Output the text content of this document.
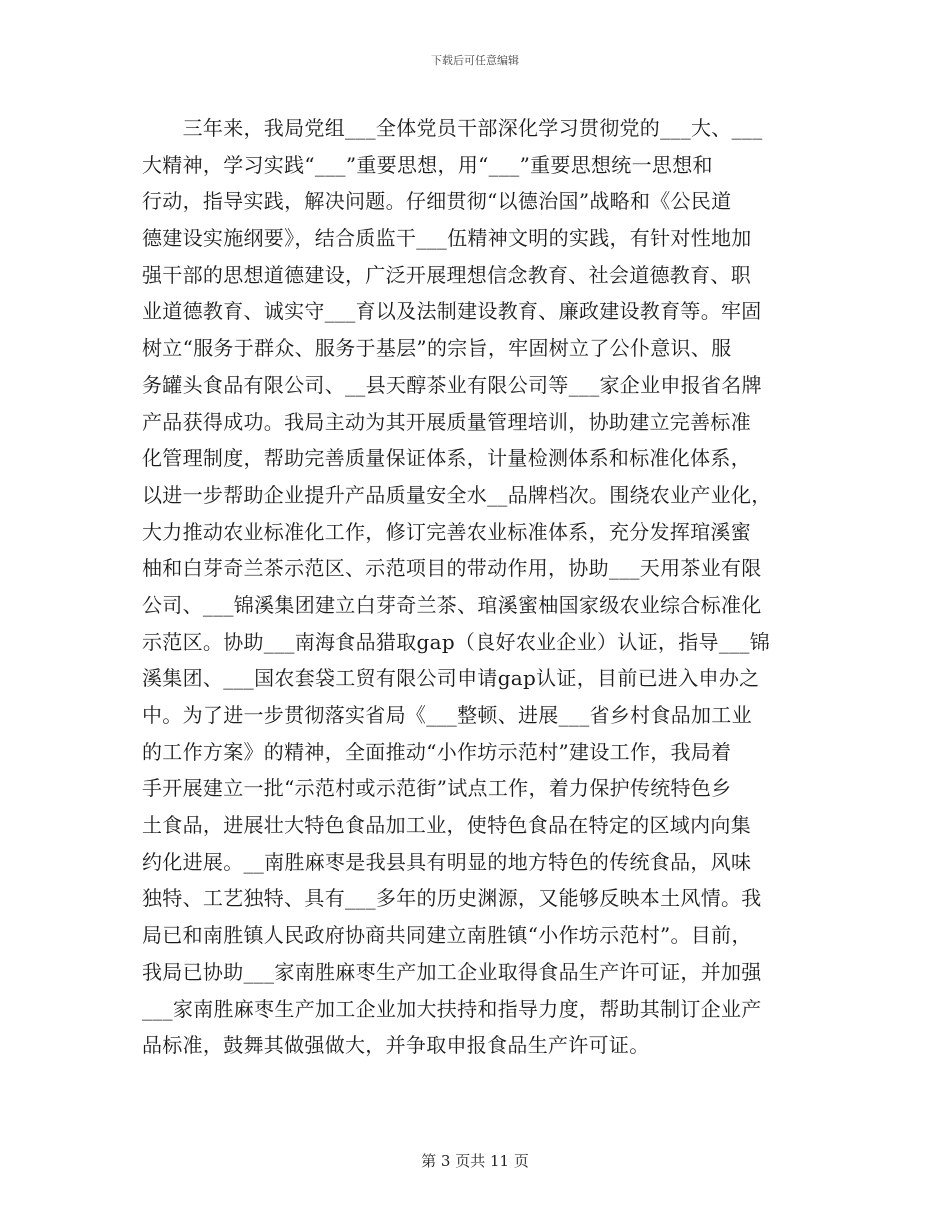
下载后可任意编辑
　　三年来，我局党组___全体党员干部深化学习贯彻党的___大、___
大精神，学习实践“___”重要思想，用“___”重要思想统一思想和
行动，指导实践，解决问题。仔细贯彻“以德治国”战略和《公民道
德建设实施纲要》，结合质监干___伍精神文明的实践，有针对性地加
强干部的思想道德建设，广泛开展理想信念教育、社会道德教育、职
业道德教育、诚实守___育以及法制建设教育、廉政建设教育等。牢固
树立“服务于群众、服务于基层”的宗旨，牢固树立了公仆意识、服
务罐头食品有限公司、__县天醇茶业有限公司等___家企业申报省名牌
产品获得成功。我局主动为其开展质量管理培训，协助建立完善标准
化管理制度，帮助完善质量保证体系，计量检测体系和标准化体系，
以进一步帮助企业提升产品质量安全水__品牌档次。围绕农业产业化，
大力推动农业标准化工作，修订完善农业标准体系，充分发挥琯溪蜜
柚和白芽奇兰茶示范区、示范项目的带动作用，协助___天用茶业有限
公司、___锦溪集团建立白芽奇兰茶、琯溪蜜柚国家级农业综合标准化
示范区。协助___南海食品猎取gap（良好农业企业）认证，指导___锦
溪集团、___国农套袋工贸有限公司申请gap认证，目前已进入申办之
中。为了进一步贯彻落实省局《___整顿、进展___省乡村食品加工业
的工作方案》的精神，全面推动“小作坊示范村”建设工作，我局着
手开展建立一批“示范村或示范街”试点工作，着力保护传统特色乡
土食品，进展壮大特色食品加工业，使特色食品在特定的区域内向集
约化进展。__南胜麻枣是我县具有明显的地方特色的传统食品，风味
独特、工艺独特、具有___多年的历史渊源，又能够反映本土风情。我
局已和南胜镇人民政府协商共同建立南胜镇“小作坊示范村”。目前，
我局已协助___家南胜麻枣生产加工企业取得食品生产许可证，并加强
___家南胜麻枣生产加工企业加大扶持和指导力度，帮助其制订企业产
品标准，鼓舞其做强做大，并争取申报食品生产许可证。
第 3 页共 11 页
